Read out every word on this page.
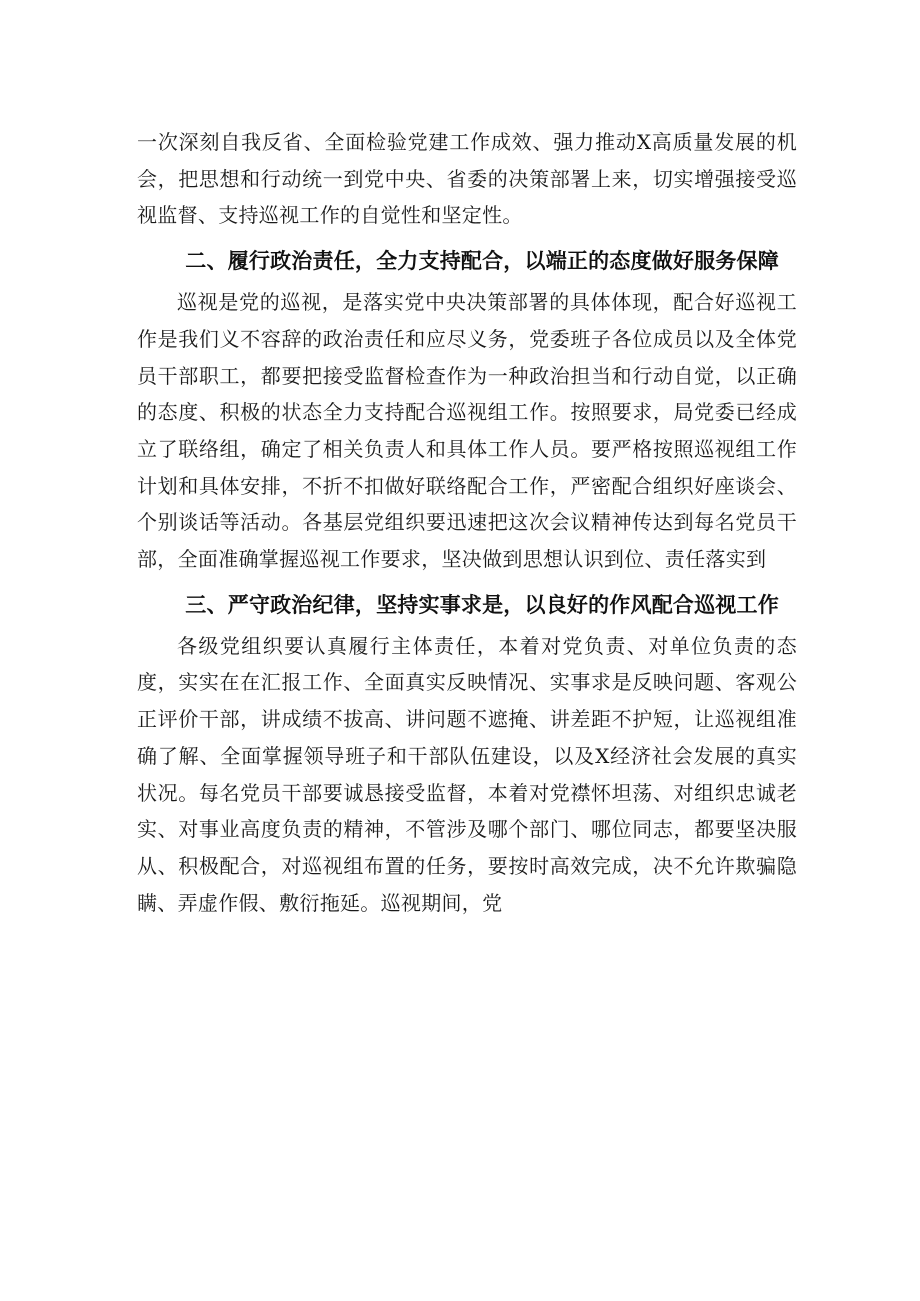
一次深刻自我反省、全面检验党建工作成效、强力推动X高质量发展的机会，把思想和行动统一到党中央、省委的决策部署上来，切实增强接受巡视监督、支持巡视工作的自觉性和坚定性。

二、履行政治责任，全力支持配合，以端正的态度做好服务保障

巡视是党的巡视，是落实党中央决策部署的具体体现，配合好巡视工作是我们义不容辞的政治责任和应尽义务，党委班子各位成员以及全体党员干部职工，都要把接受监督检查作为一种政治担当和行动自觉，以正确的态度、积极的状态全力支持配合巡视组工作。按照要求，局党委已经成立了联络组，确定了相关负责人和具体工作人员。要严格按照巡视组工作计划和具体安排，不折不扣做好联络配合工作，严密配合组织好座谈会、个别谈话等活动。各基层党组织要迅速把这次会议精神传达到每名党员干部，全面准确掌握巡视工作要求，坚决做到思想认识到位、责任落实到

三、严守政治纪律，坚持实事求是，以良好的作风配合巡视工作

各级党组织要认真履行主体责任，本着对党负责、对单位负责的态度，实实在在汇报工作、全面真实反映情况、实事求是反映问题、客观公正评价干部，讲成绩不拔高、讲问题不遮掩、讲差距不护短，让巡视组准确了解、全面掌握领导班子和干部队伍建设，以及X经济社会发展的真实状况。每名党员干部要诚恳接受监督，本着对党襟怀坦荡、对组织忠诚老实、对事业高度负责的精神，不管涉及哪个部门、哪位同志，都要坚决服从、积极配合，对巡视组布置的任务，要按时高效完成，决不允许欺骗隐瞒、弄虚作假、敷衍拖延。巡视期间，党
